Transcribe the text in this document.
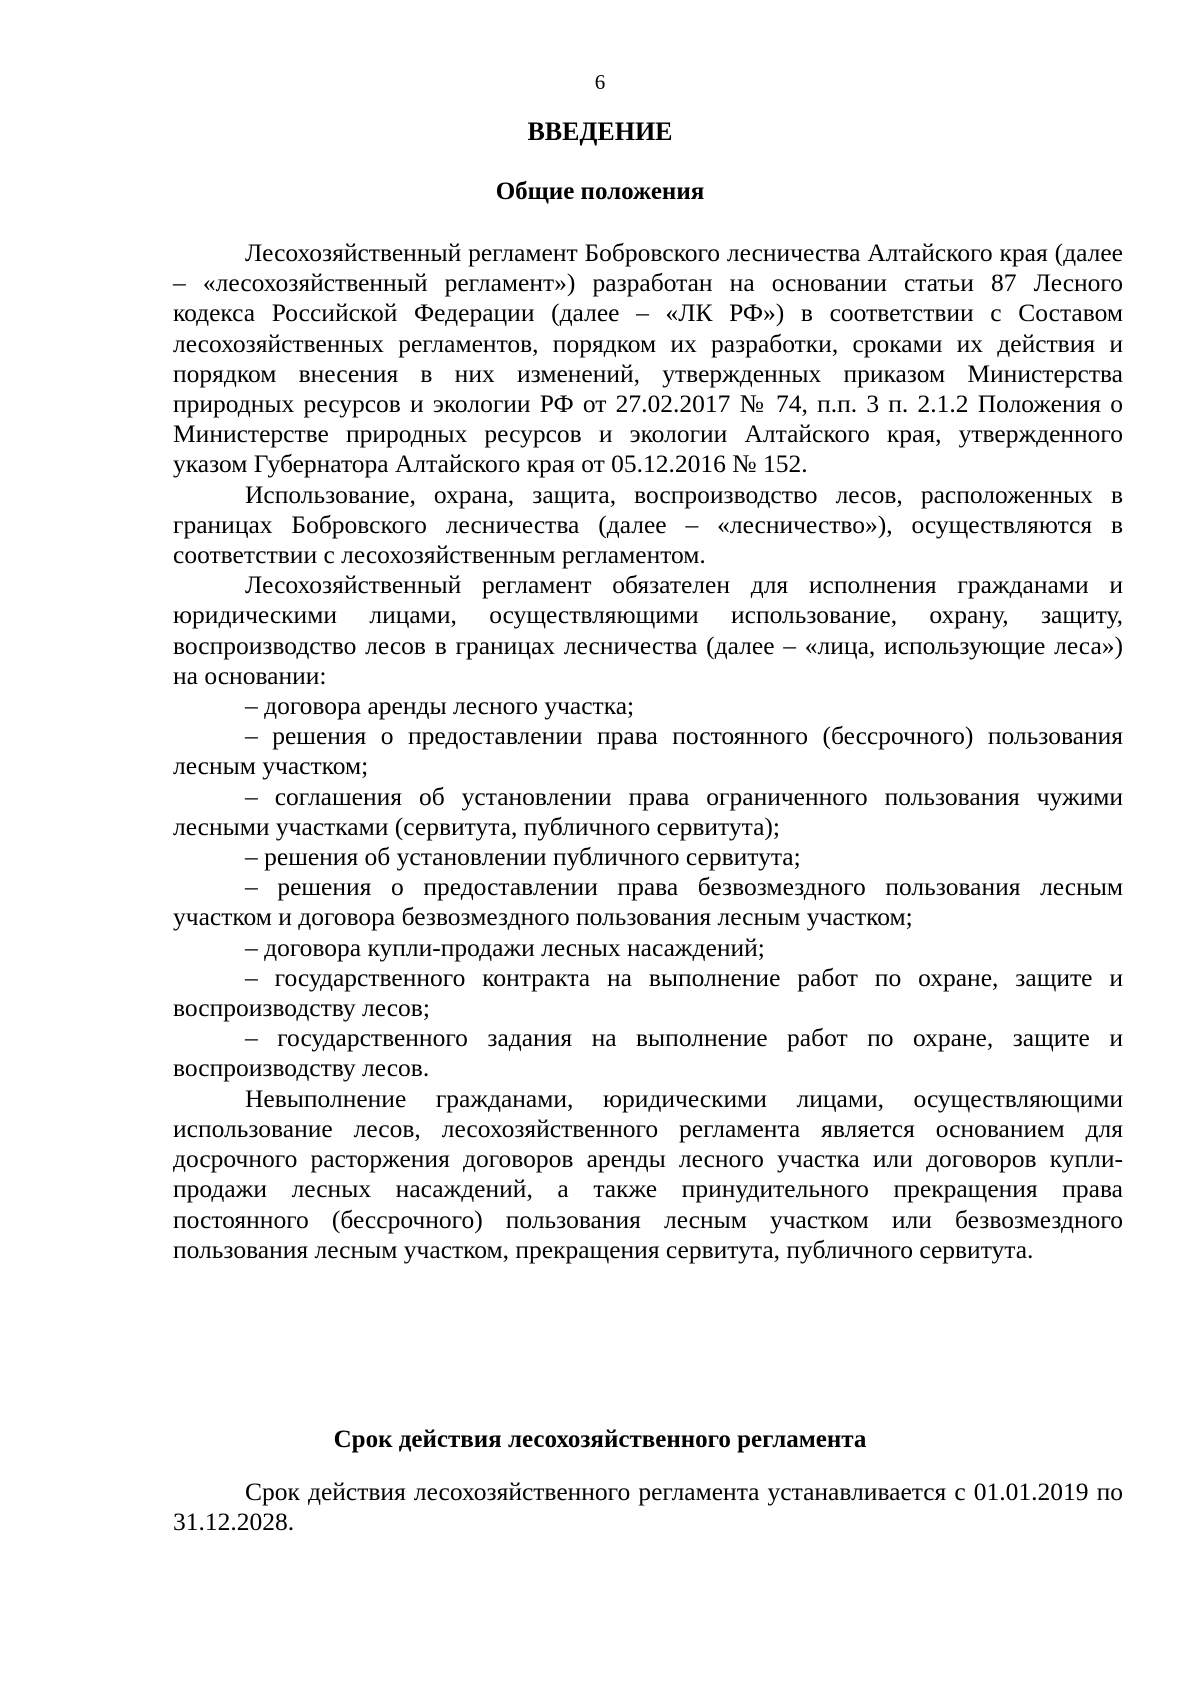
6
ВВЕДЕНИЕ
Общие положения

Лесохозяйственный регламент Бобровского лесничества Алтайского края (далее – «лесохозяйственный регламент») разработан на основании статьи 87 Лесного кодекса Российской Федерации (далее – «ЛК РФ») в соответствии с Составом лесохозяйственных регламентов, порядком их разработки, сроками их действия и порядком внесения в них изменений, утвержденных приказом Министерства природных ресурсов и экологии РФ от 27.02.2017 № 74, п.п. 3 п. 2.1.2 Положения о Министерстве природных ресурсов и экологии Алтайского края, утвержденного указом Губернатора Алтайского края от 05.12.2016 № 152.

Использование, охрана, защита, воспроизводство лесов, расположенных в границах Бобровского лесничества (далее – «лесничество»), осуществляются в соответствии с лесохозяйственным регламентом.

Лесохозяйственный регламент обязателен для исполнения гражданами и юридическими лицами, осуществляющими использование, охрану, защиту, воспроизводство лесов в границах лесничества (далее – «лица, использующие леса») на основании:

– договора аренды лесного участка;

– решения о предоставлении права постоянного (бессрочного) пользования лесным участком;

– соглашения об установлении права ограниченного пользования чужими лесными участками (сервитута, публичного сервитута);

– решения об установлении публичного сервитута;

– решения о предоставлении права безвозмездного пользования лесным участком и договора безвозмездного пользования лесным участком;

– договора купли-продажи лесных насаждений;

– государственного контракта на выполнение работ по охране, защите и воспроизводству лесов;

– государственного задания на выполнение работ по охране, защите и воспроизводству лесов.

Невыполнение гражданами, юридическими лицами, осуществляющими использование лесов, лесохозяйственного регламента является основанием для досрочного расторжения договоров аренды лесного участка или договоров купли-продажи лесных насаждений, а также принудительного прекращения права постоянного (бессрочного) пользования лесным участком или безвозмездного пользования лесным участком, прекращения сервитута, публичного сервитута.

Срок действия лесохозяйственного регламента

Срок действия лесохозяйственного регламента устанавливается с 01.01.2019 по 31.12.2028.
